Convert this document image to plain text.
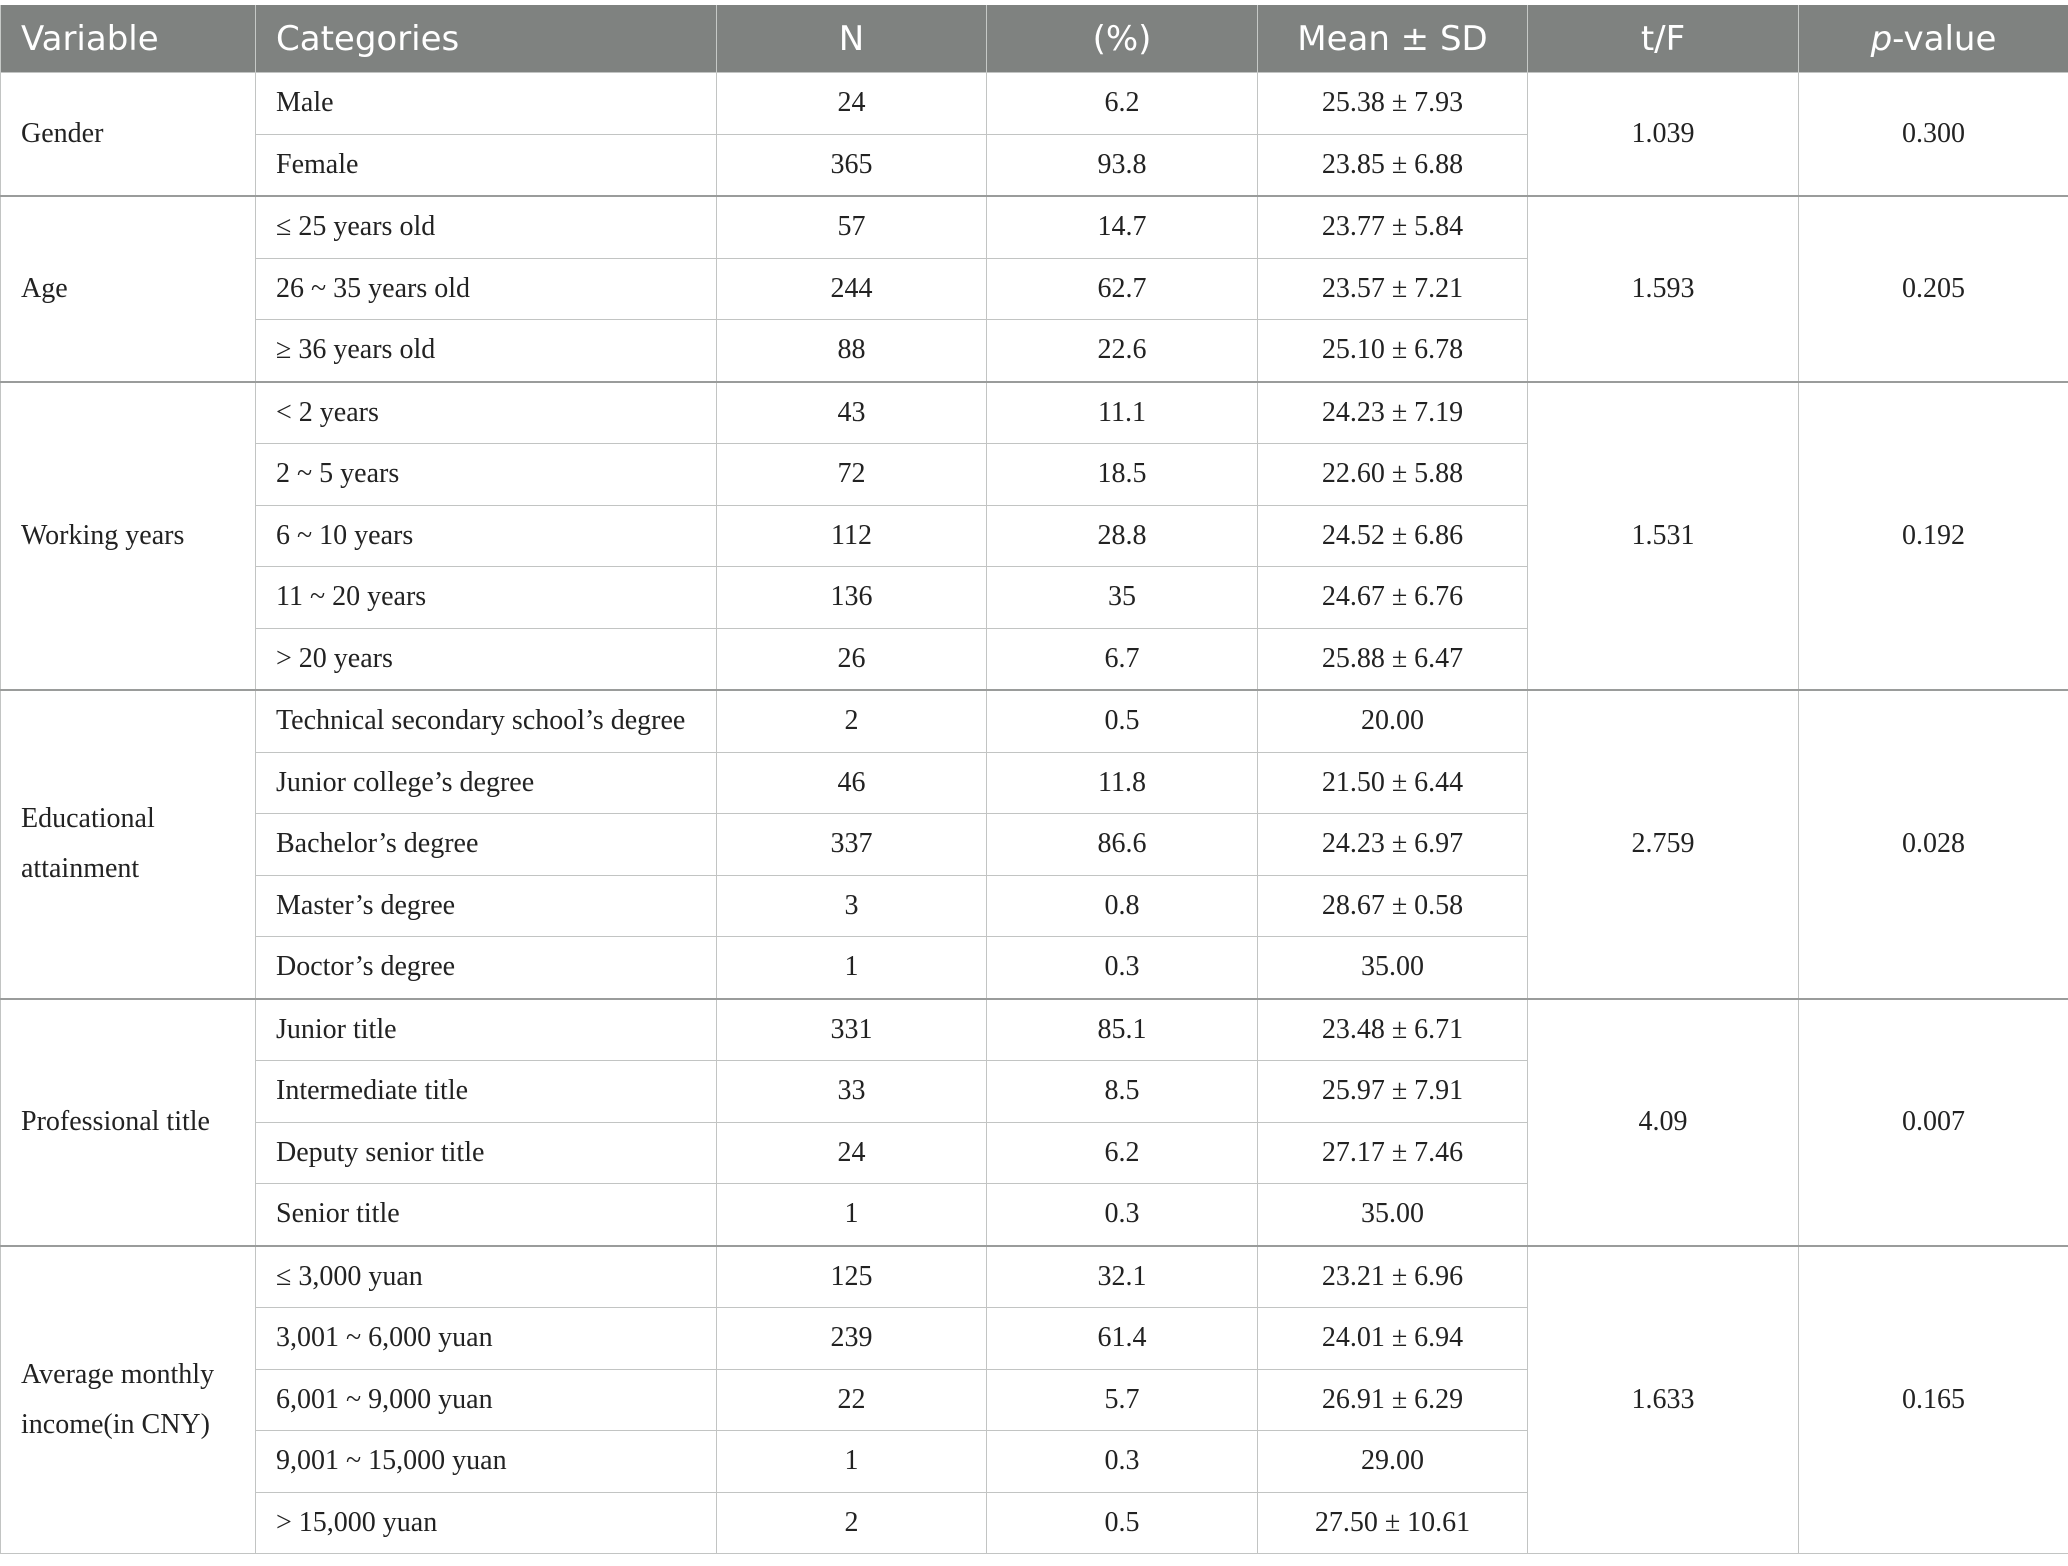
Variable	Categories	N	(%)	Mean ± SD	t/F	p-value
Gender	Male	24	6.2	25.38 ± 7.93	1.039	0.300
	Female	365	93.8	23.85 ± 6.88		
Age	≤ 25 years old	57	14.7	23.77 ± 5.84	1.593	0.205
	26 ~ 35 years old	244	62.7	23.57 ± 7.21		
	≥ 36 years old	88	22.6	25.10 ± 6.78		
Working years	< 2 years	43	11.1	24.23 ± 7.19	1.531	0.192
	2 ~ 5 years	72	18.5	22.60 ± 5.88		
	6 ~ 10 years	112	28.8	24.52 ± 6.86		
	11 ~ 20 years	136	35	24.67 ± 6.76		
	> 20 years	26	6.7	25.88 ± 6.47		
Educational attainment	Technical secondary school’s degree	2	0.5	20.00	2.759	0.028
	Junior college’s degree	46	11.8	21.50 ± 6.44		
	Bachelor’s degree	337	86.6	24.23 ± 6.97		
	Master’s degree	3	0.8	28.67 ± 0.58		
	Doctor’s degree	1	0.3	35.00		
Professional title	Junior title	331	85.1	23.48 ± 6.71	4.09	0.007
	Intermediate title	33	8.5	25.97 ± 7.91		
	Deputy senior title	24	6.2	27.17 ± 7.46		
	Senior title	1	0.3	35.00		
Average monthly income(in CNY)	≤ 3,000 yuan	125	32.1	23.21 ± 6.96	1.633	0.165
	3,001 ~ 6,000 yuan	239	61.4	24.01 ± 6.94		
	6,001 ~ 9,000 yuan	22	5.7	26.91 ± 6.29		
	9,001 ~ 15,000 yuan	1	0.3	29.00		
	> 15,000 yuan	2	0.5	27.50 ± 10.61		
